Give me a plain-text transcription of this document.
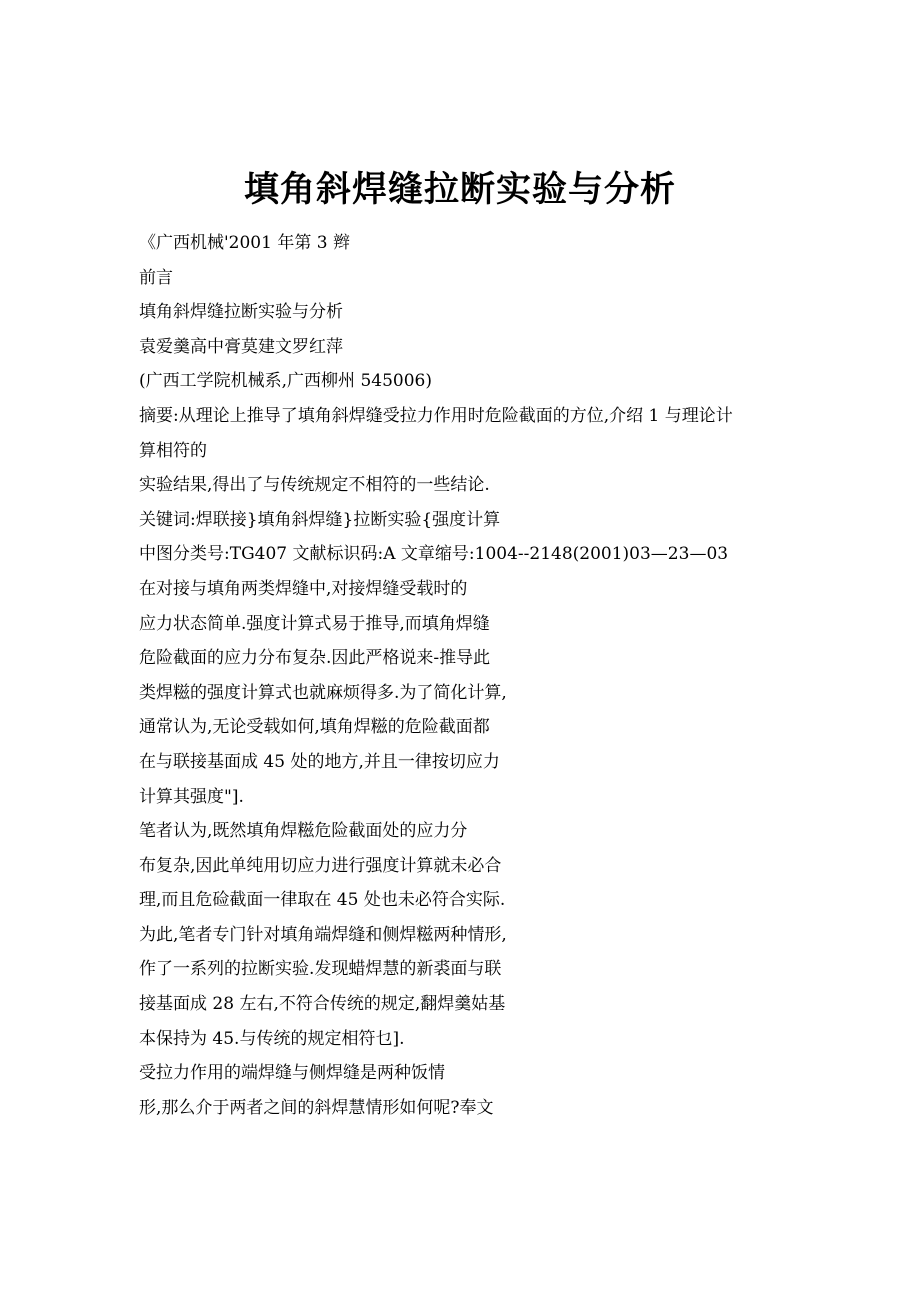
填角斜焊缝拉断实验与分析
《广西机械'2001 年第 3 辫
前言
填角斜焊缝拉断实验与分析
袁爱羹高中膏莫建文罗红萍
(广西工学院机械系,广西柳州 545006)
摘要:从理论上推导了填角斜焊缝受拉力作用时危险截面的方位,介绍 1 与理论计
算相符的
实验结果,得出了与传统规定不相符的一些结论.
关键词:焊联接}填角斜焊缝}拉断实验{强度计算
中图分类号:TG407 文献标识码:A 文章缩号:1004--2148(2001)03—23—03
在对接与填角两类焊缝中,对接焊缝受载时的
应力状态简单.强度计算式易于推导,而填角焊缝
危险截面的应力分布复杂.因此严格说来-推导此
类焊糍的强度计算式也就麻烦得多.为了简化计算,
通常认为,无论受载如何,填角焊糍的危险截面都
在与联接基面成 45 处的地方,并且一律按切应力
计算其强度"].
笔者认为,既然填角焊糍危险截面处的应力分
布复杂,因此单纯用切应力进行强度计算就未必合
理,而且危硷截面一律取在 45 处也未必符合实际.
为此,笔者专门针对填角端焊缝和侧焊糍两种情形,
作了一系列的拉断实验.发现蜡焊慧的新裘面与联
接基面成 28 左右,不符合传统的规定,翻焊羹姑基
本保持为 45.与传统的规定相符乜].
受拉力作用的端焊缝与侧焊缝是两种饭情
形,那么介于两者之间的斜焊慧情形如何呢?奉文
